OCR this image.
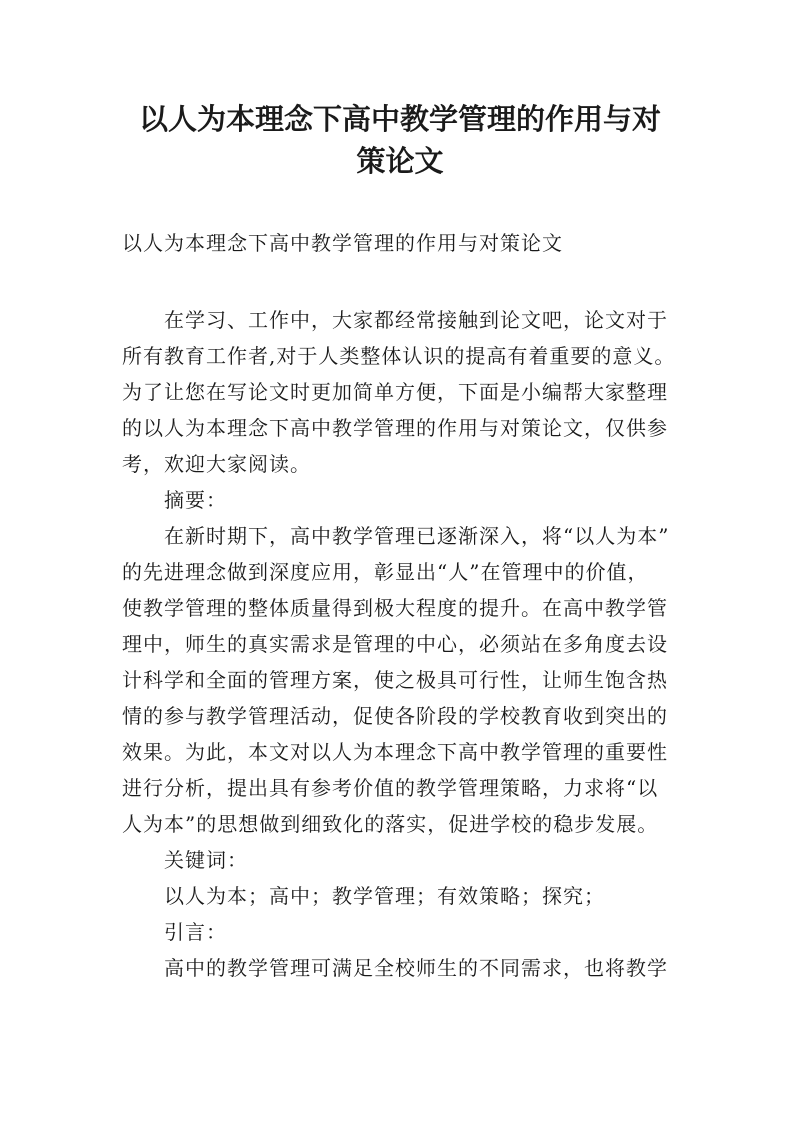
以人为本理念下高中教学管理的作用与对
策论文
以人为本理念下高中教学管理的作用与对策论文
在学习、工作中，大家都经常接触到论文吧，论文对于
所有教育工作者,对于人类整体认识的提高有着重要的意义。
为了让您在写论文时更加简单方便，下面是小编帮大家整理
的以人为本理念下高中教学管理的作用与对策论文，仅供参
考，欢迎大家阅读。
摘要：
在新时期下，高中教学管理已逐渐深入，将“以人为本”
的先进理念做到深度应用，彰显出“人”在管理中的价值，
使教学管理的整体质量得到极大程度的提升。在高中教学管
理中，师生的真实需求是管理的中心，必须站在多角度去设
计科学和全面的管理方案，使之极具可行性，让师生饱含热
情的参与教学管理活动，促使各阶段的学校教育收到突出的
效果。为此，本文对以人为本理念下高中教学管理的重要性
进行分析，提出具有参考价值的教学管理策略，力求将“以
人为本”的思想做到细致化的落实，促进学校的稳步发展。
关键词：
以人为本；高中；教学管理；有效策略；探究；
引言：
高中的教学管理可满足全校师生的不同需求，也将教学
